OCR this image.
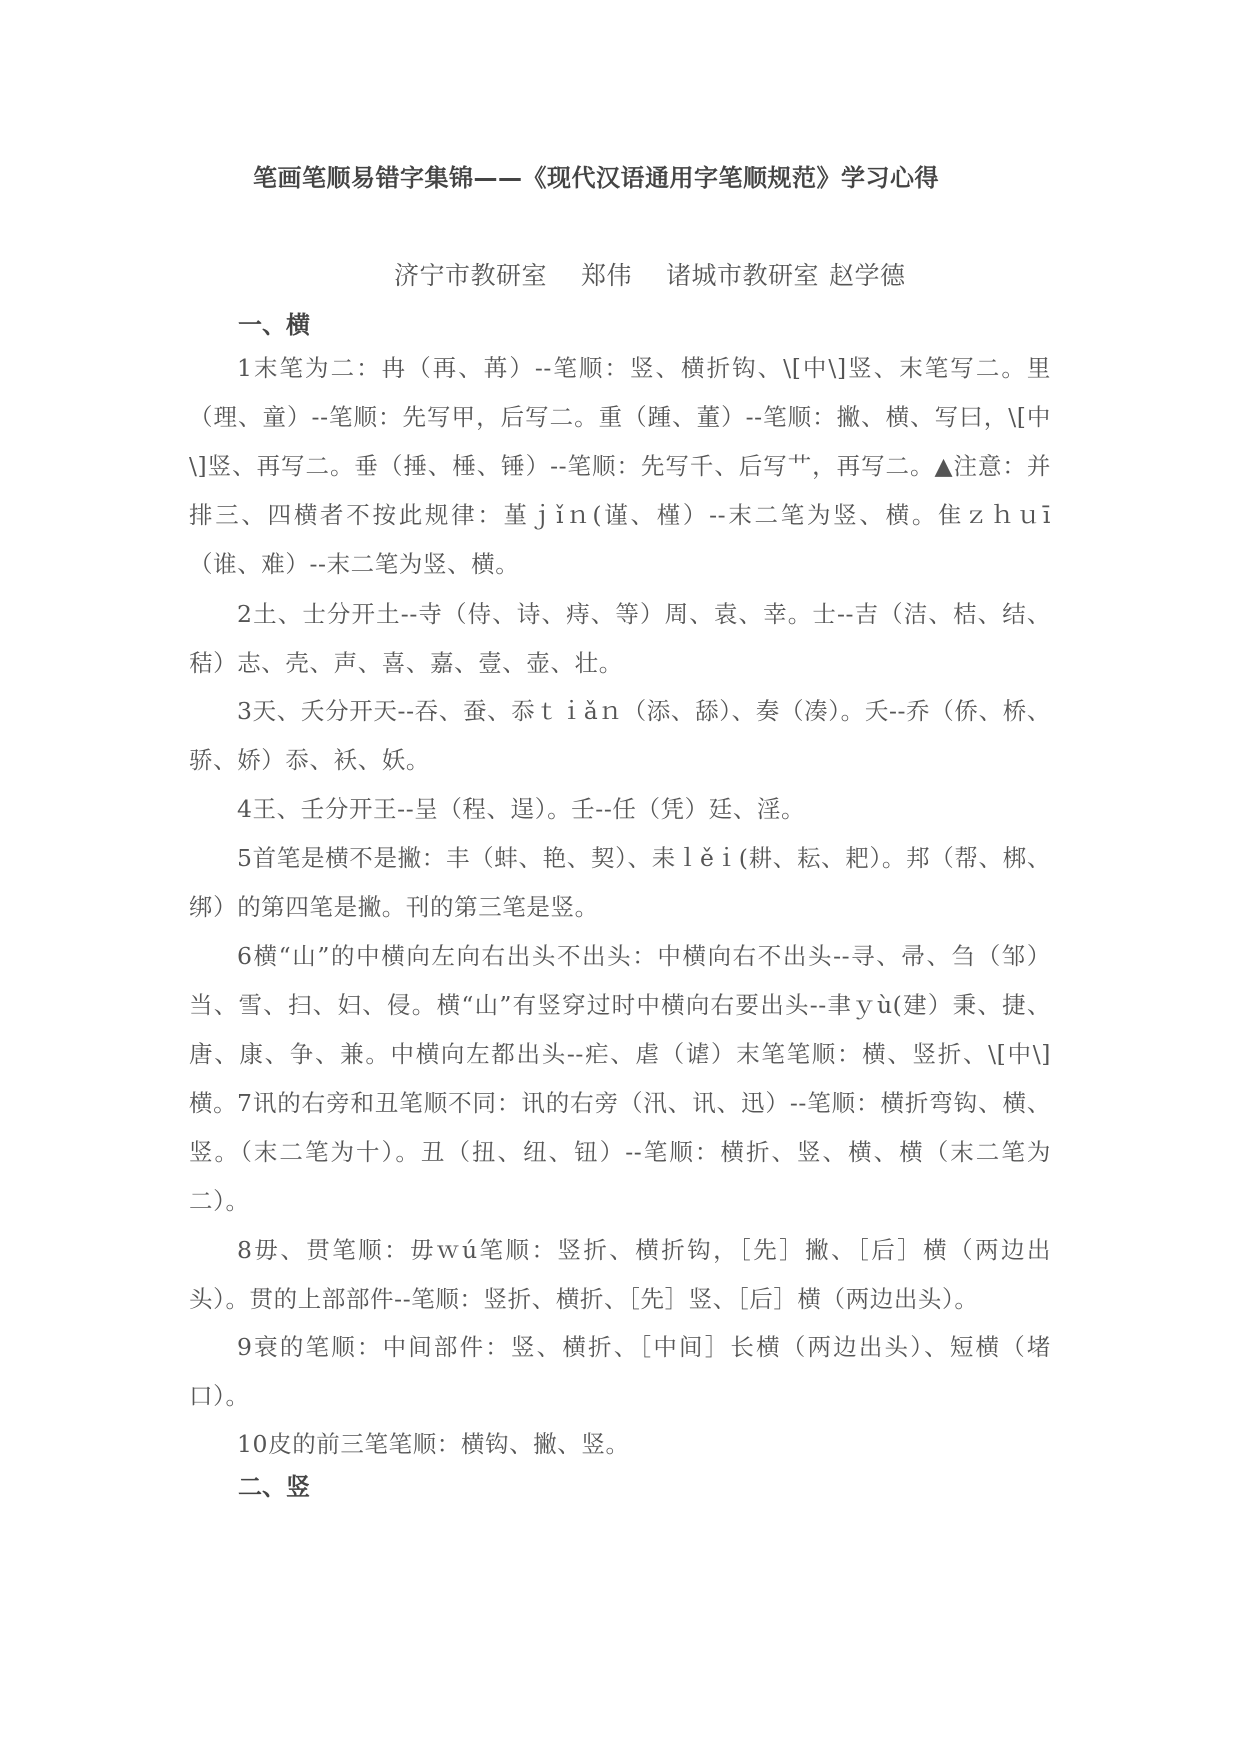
笔画笔顺易错字集锦——《现代汉语通用字笔顺规范》学习心得
济宁市教研室 郑伟 诸城市教研室 赵学德
一、横

1末笔为二：冉（再、苒）--笔顺：竖、横折钩、\[中\]竖、末笔写二。里（理、童）--笔顺：先写甲，后写二。重（踵、董）--笔顺：撇、横、写曰，\[中\]竖、再写二。垂（捶、棰、锤）--笔顺：先写千、后写艹，再写二。▲注意：并排三、四横者不按此规律：堇ｊǐｎ(谨、槿）--末二笔为竖、横。隹ｚｈｕī（谁、难）--末二笔为竖、横。

2土、士分开土--寺（侍、诗、痔、等）周、袁、幸。士--吉（洁、桔、结、秸）志、壳、声、喜、嘉、壹、壶、壮。

3天、夭分开天--吞、蚕、忝ｔｉǎｎ（添、舔）、奏（凑）。夭--乔（侨、桥、骄、娇）忝、袄、妖。

4王、壬分开王--呈（程、逞）。壬--任（凭）廷、淫。

5首笔是横不是撇：丰（蚌、艳、契）、耒ｌěｉ(耕、耘、耙）。邦（帮、梆、绑）的第四笔是撇。刊的第三笔是竖。

6横“山”的中横向左向右出头不出头：中横向右不出头--寻、帚、刍（邹）当、雪、扫、妇、侵。横“山”有竖穿过时中横向右要出头--聿ｙù(建）秉、捷、唐、康、争、兼。中横向左都出头--疟、虐（谑）末笔笔顺：横、竖折、\[中\]横。 7讯的右旁和丑笔顺不同：讯的右旁（汛、讯、迅）--笔顺：横折弯钩、横、竖。（末二笔为十）。丑（扭、纽、钮）--笔顺：横折、竖、横、横（末二笔为二）。

8毋、贯笔顺：毋ｗú笔顺：竖折、横折钩，［先］撇、［后］横（两边出头）。贯的上部部件--笔顺：竖折、横折、［先］竖、［后］横（两边出头）。

9衰的笔顺：中间部件：竖、横折、［中间］长横（两边出头）、短横（堵口）。

10皮的前三笔笔顺：横钩、撇、竖。

二、竖
